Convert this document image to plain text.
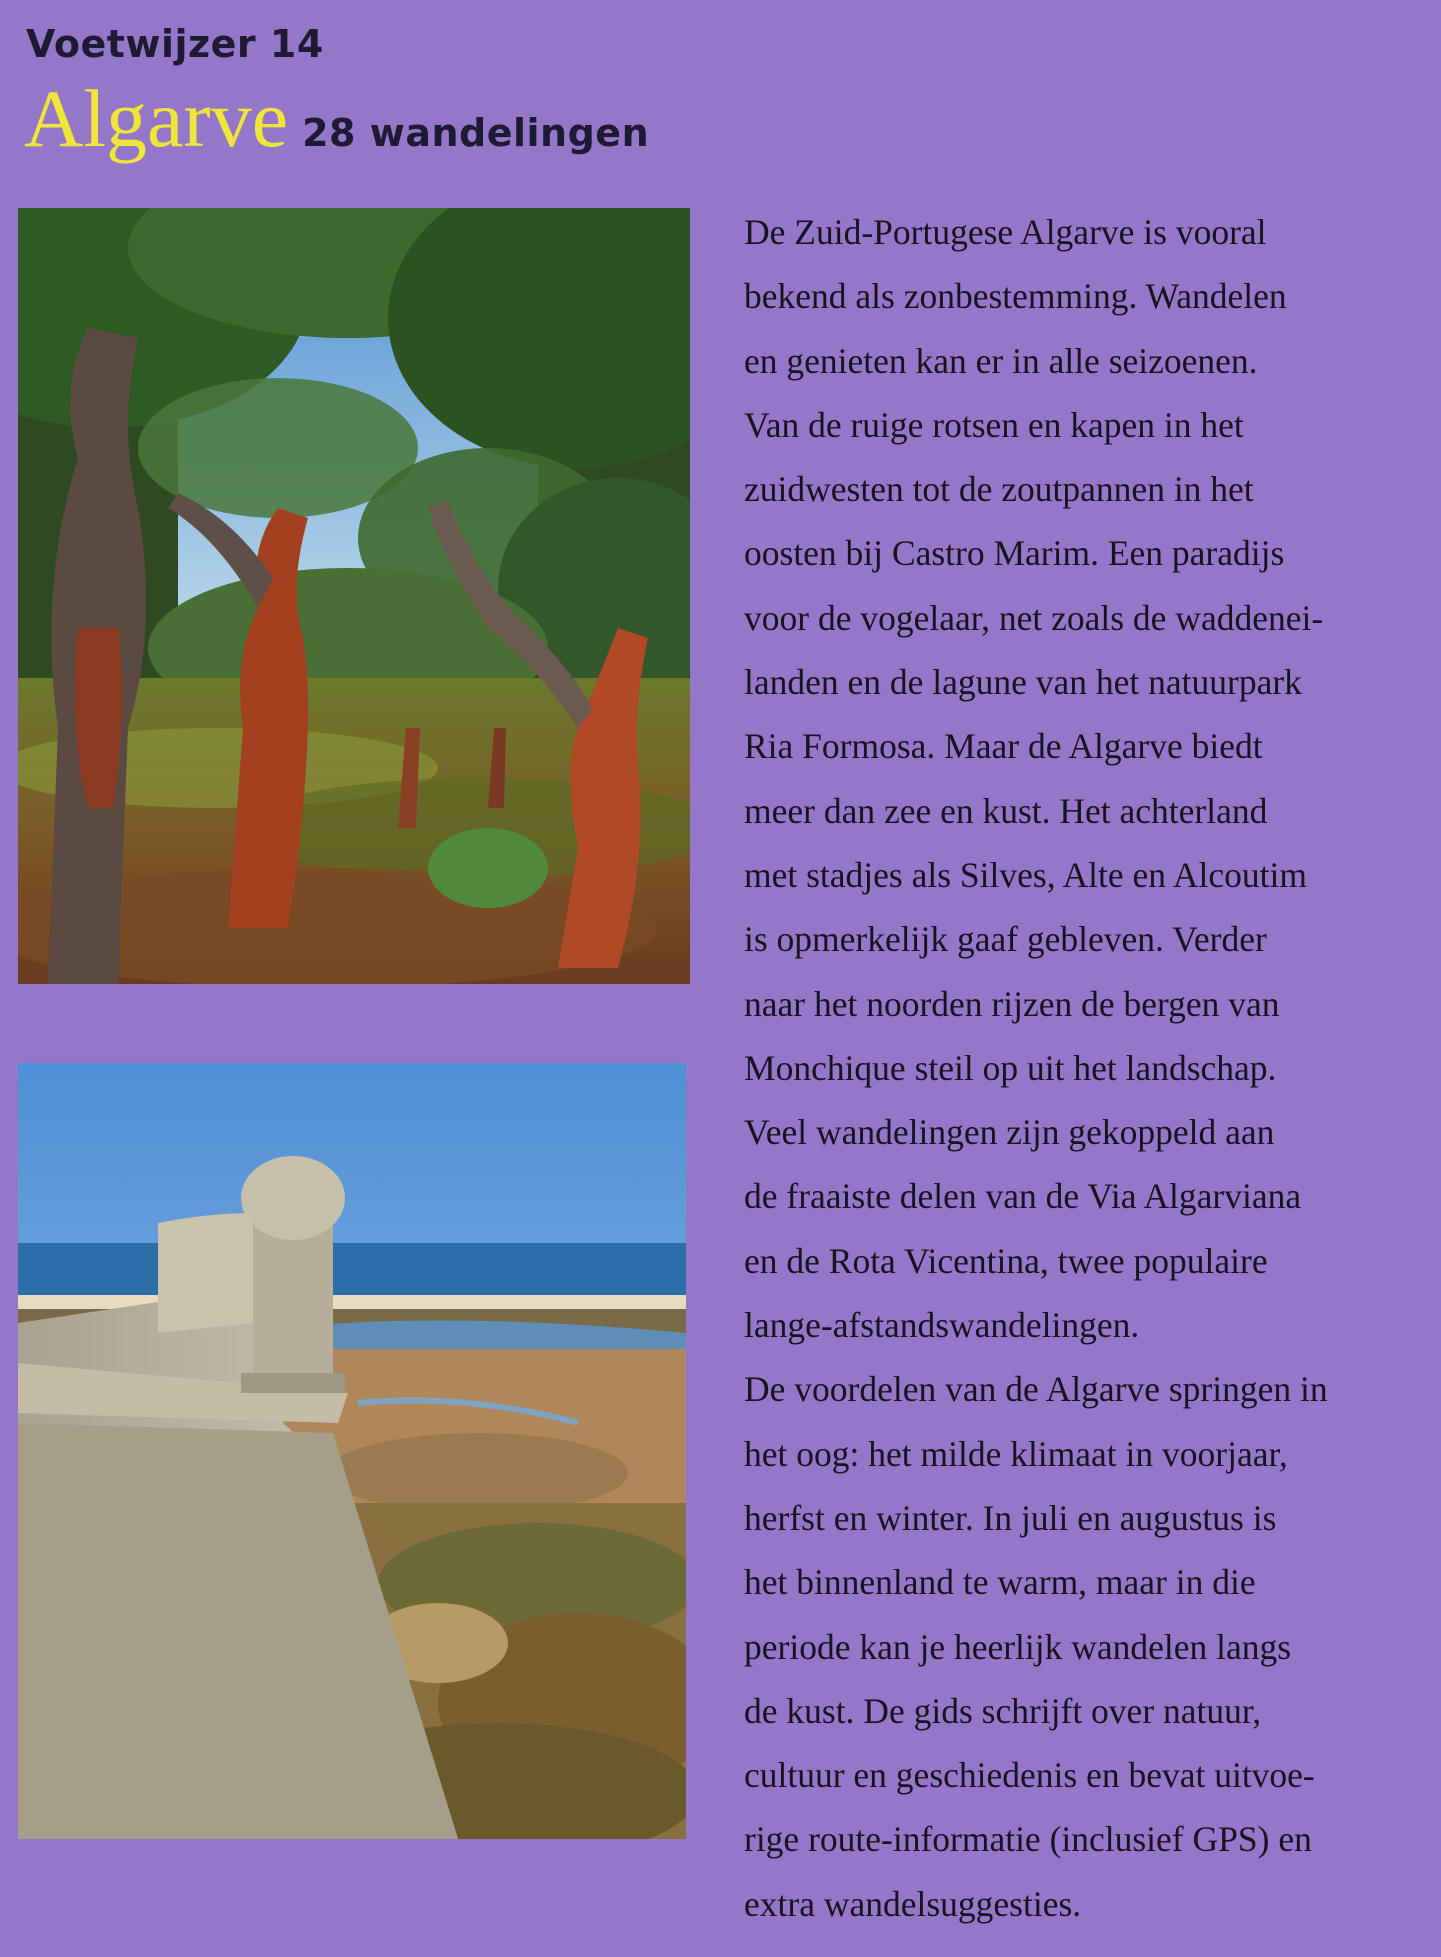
Voetwijzer 14
Algarve 28 wandelingen
De Zuid-Portugese Algarve is vooral
bekend als zonbestemming. Wandelen
en genieten kan er in alle seizoenen.
Van de ruige rotsen en kapen in het
zuidwesten tot de zoutpannen in het
oosten bij Castro Marim. Een paradijs
voor de vogelaar, net zoals de waddenei-
landen en de lagune van het natuurpark
Ria Formosa. Maar de Algarve biedt
meer dan zee en kust. Het achterland
met stadjes als Silves, Alte en Alcoutim
is opmerkelijk gaaf gebleven. Verder
naar het noorden rijzen de bergen van
Monchique steil op uit het landschap.
Veel wandelingen zijn gekoppeld aan
de fraaiste delen van de Via Algarviana
en de Rota Vicentina, twee populaire
lange-afstandswandelingen.
De voordelen van de Algarve springen in
het oog: het milde klimaat in voorjaar,
herfst en winter. In juli en augustus is
het binnenland te warm, maar in die
periode kan je heerlijk wandelen langs
de kust. De gids schrijft over natuur,
cultuur en geschiedenis en bevat uitvoe-
rige route-informatie (inclusief GPS) en
extra wandelsuggesties.
